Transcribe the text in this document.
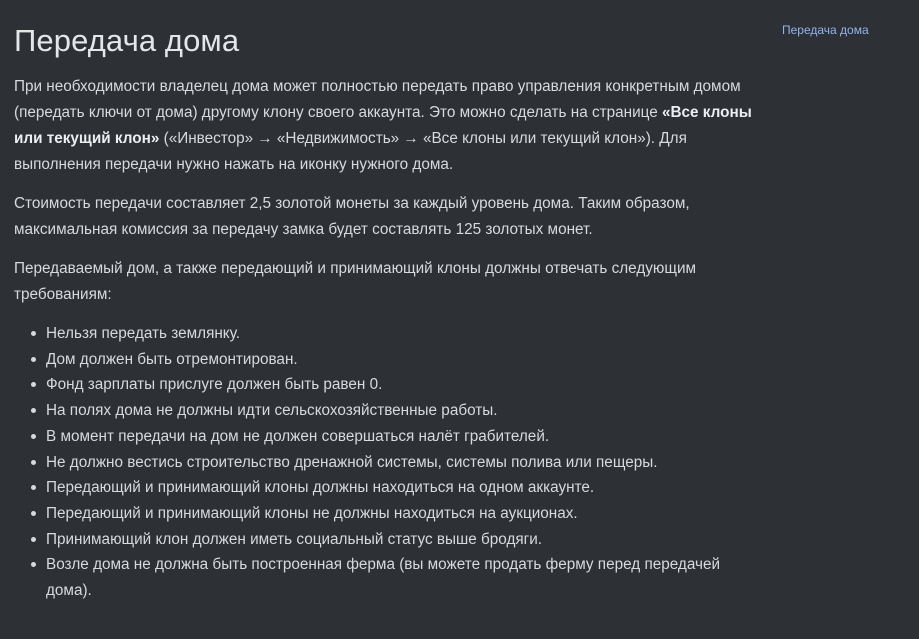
Передача дома

При необходимости владелец дома может полностью передать право управления конкретным домом (передать ключи от дома) другому клону своего аккаунта. Это можно сделать на странице «Все клоны или текущий клон» («Инвестор» → «Недвижимость» → «Все клоны или текущий клон»). Для выполнения передачи нужно нажать на иконку нужного дома.

Стоимость передачи составляет 2,5 золотой монеты за каждый уровень дома. Таким образом, максимальная комиссия за передачу замка будет составлять 125 золотых монет.

Передаваемый дом, а также передающий и принимающий клоны должны отвечать следующим требованиям:

Нельзя передать землянку.
Дом должен быть отремонтирован.
Фонд зарплаты прислуге должен быть равен 0.
На полях дома не должны идти сельскохозяйственные работы.
В момент передачи на дом не должен совершаться налёт грабителей.
Не должно вестись строительство дренажной системы, системы полива или пещеры.
Передающий и принимающий клоны должны находиться на одном аккаунте.
Передающий и принимающий клоны не должны находиться на аукционах.
Принимающий клон должен иметь социальный статус выше бродяги.
Возле дома не должна быть построенная ферма (вы можете продать ферму перед передачей дома).
Передача дома
